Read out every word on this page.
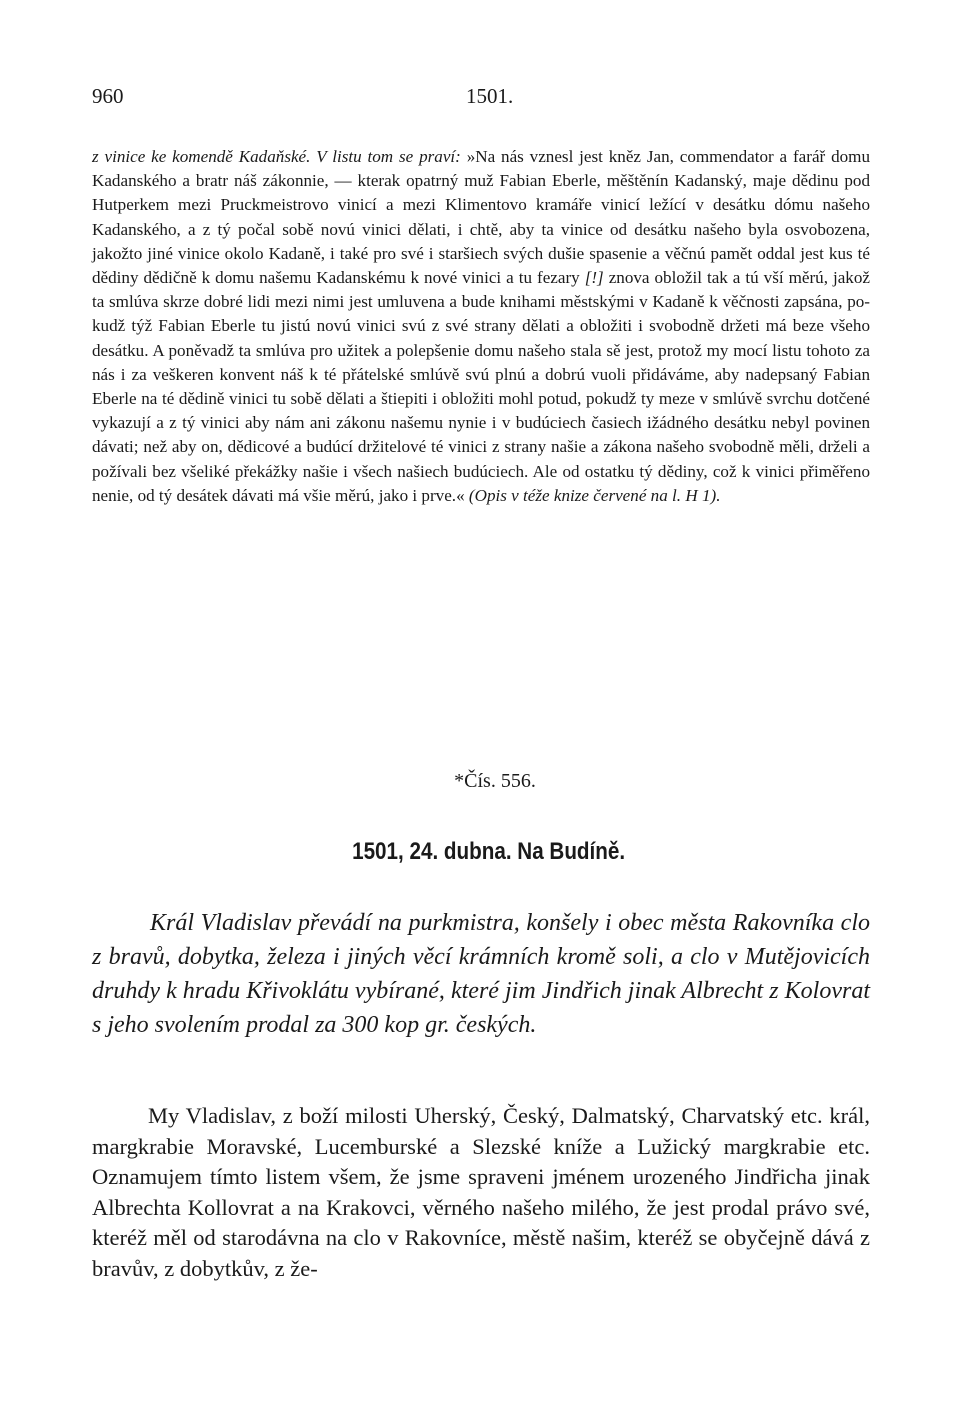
960	1501.
z vinice ke komendě Kadaňské. V listu tom se praví: »Na nás vznesl jest kněz Jan, commendator a farář domu Kadanského a bratr náš zákonnie, — kterak opatrný muž Fabian Eberle, měštěnín Kadanský, maje dědinu pod Hutperkem mezi Pruckmeistrovo vinicí a mezi Klimentovo kramáře vinicí ležící v desátku dómu našeho Kadanského, a z tý počal sobě novú vinici dělati, i chtě, aby ta vinice od desátku našeho byla osvobozena, jakožto jiné vinice okolo Kadaně, i také pro své i staršiech svých dušie spasenie a věčnú pamět oddal jest kus té dědiny dědičně k domu našemu Kadanskému k nové vinici a tu fezary [!] znova obložil tak a tú vší měrú, jakož ta smlúva skrze dobré lidi mezi nimi jest umluvena a bude knihami městskými v Kadaně k věčnosti zapsána, pokudž týž Fabian Eberle tu jistú novú vinici svú z své strany dělati a obložiti i svobodně držeti má beze všeho desátku. A poněvadž ta smlúva pro užitek a polepšenie domu našeho stala sě jest, protož my mocí listu tohoto za nás i za veškeren konvent náš k té přátelské smlúvě svú plnú a dobrú vuoli přidáváme, aby nadepsaný Fabian Eberle na té dědině vinici tu sobě dělati a štiepiti i obložiti mohl potud, pokudž ty meze v smlúvě svrchu dotčené vykazují a z tý vinici aby nám ani zákonu našemu nynie i v budúciech časiech ižádného desátku nebyl povinen dávati; než aby on, dědicové a budúcí držitelové té vinici z strany našie a zákona našeho svobodně měli, drželi a požívali bez všeliké překážky našie i všech našiech budúciech. Ale od ostatku tý dědiny, což k vinici přiměřeno nenie, od tý desátek dávati má všie měrú, jako i prve.« (Opis v téže knize červené na l. H 1).
*Čís. 556.
1501, 24. dubna. Na Budíně.
Král Vladislav převádí na purkmistra, konšely i obec města Rakovníka clo z bravů, dobytka, železa i jiných věcí krámních kromě soli, a clo v Mutějovicích druhdy k hradu Křivoklátu vybírané, které jim Jindřich jinak Albrecht z Kolovrat s jeho svolením prodal za 300 kop gr. českých.
My Vladislav, z boží milosti Uherský, Český, Dalmatský, Charvatský etc. král, margkrabie Moravské, Lucemburské a Slezské kníže a Lužický margkrabie etc. Oznamujem tímto listem všem, že jsme spraveni jménem urozeného Jindřicha jinak Albrechta Kollovrat a na Krakovci, věrného našeho milého, že jest prodal právo své, kteréž měl od starodávna na clo v Rakovníce, městě našim, kteréž se obyčejně dává z bravův, z dobytkův, z že-
